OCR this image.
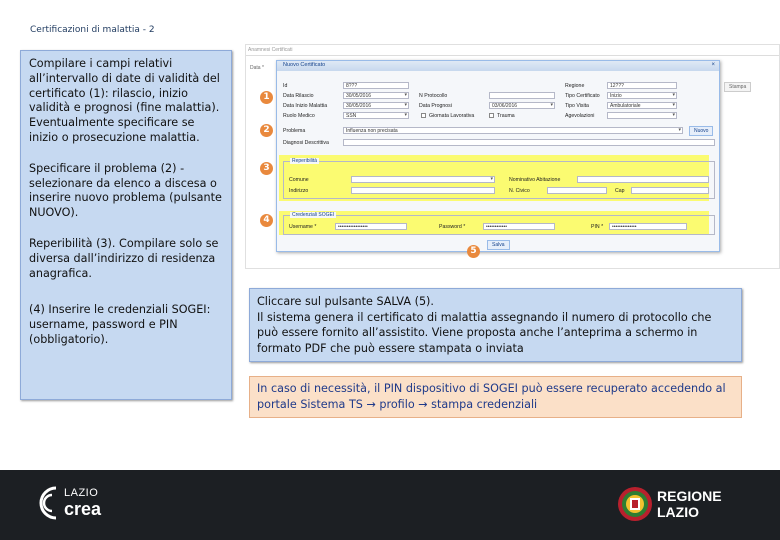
Certificazioni di malattia - 2

Compilare i campi relativi all’intervallo di date di validità del certificato (1): rilascio, inizio validità e prognosi (fine malattia). Eventualmente specificare se inizio o prosecuzione malattia.

Specificare il problema (2) - selezionare da elenco a discesa o inserire nuovo problema (pulsante NUOVO).

Reperibilità (3). Compilare solo se diversa dall’indirizzo di residenza anagrafica.

(4) Inserire le credenziali SOGEI: username, password e PIN (obbligatorio).

Anamnesi Certificati
Data *
Stampa
Nuovo Certificato	×
Id	8???	Regione	12???
Data Rilascio	30/05/2016 ▾	N Protocollo	Tipo Certificato	Inizio ▾
Data Inizio Malattia	30/05/2016 ▾	Data Prognosi	03/06/2016 ▾	Tipo Visita	Ambulatoriale ▾
Ruolo Medico	SSN ▾	Giornata Lavorativa	Trauma	Agevolazioni
▾
Problema	Influenza non precisata ▾	Nuovo
Diagnosi Descrittiva
Reperibilità
Comune
▾	Nominativo Abitazione
Indirizzo	N. Civico	Cap
Credenziali SOGEI
Username *	•••••••••••••••••	Password *	••••••••••••	PIN *	••••••••••••••
Salva
1
2
3
4
5
Cliccare sul pulsante SALVA (5).
Il sistema genera il certificato di malattia assegnando il numero di protocollo che può essere fornito all’assistito. Viene proposta anche l’anteprima a schermo in formato PDF che può essere stampata o inviata
In caso di necessità, il PIN dispositivo di SOGEI può essere recuperato accedendo al portale Sistema TS → profilo → stampa credenziali
LAZIO
crea
REGIONE
LAZIO
